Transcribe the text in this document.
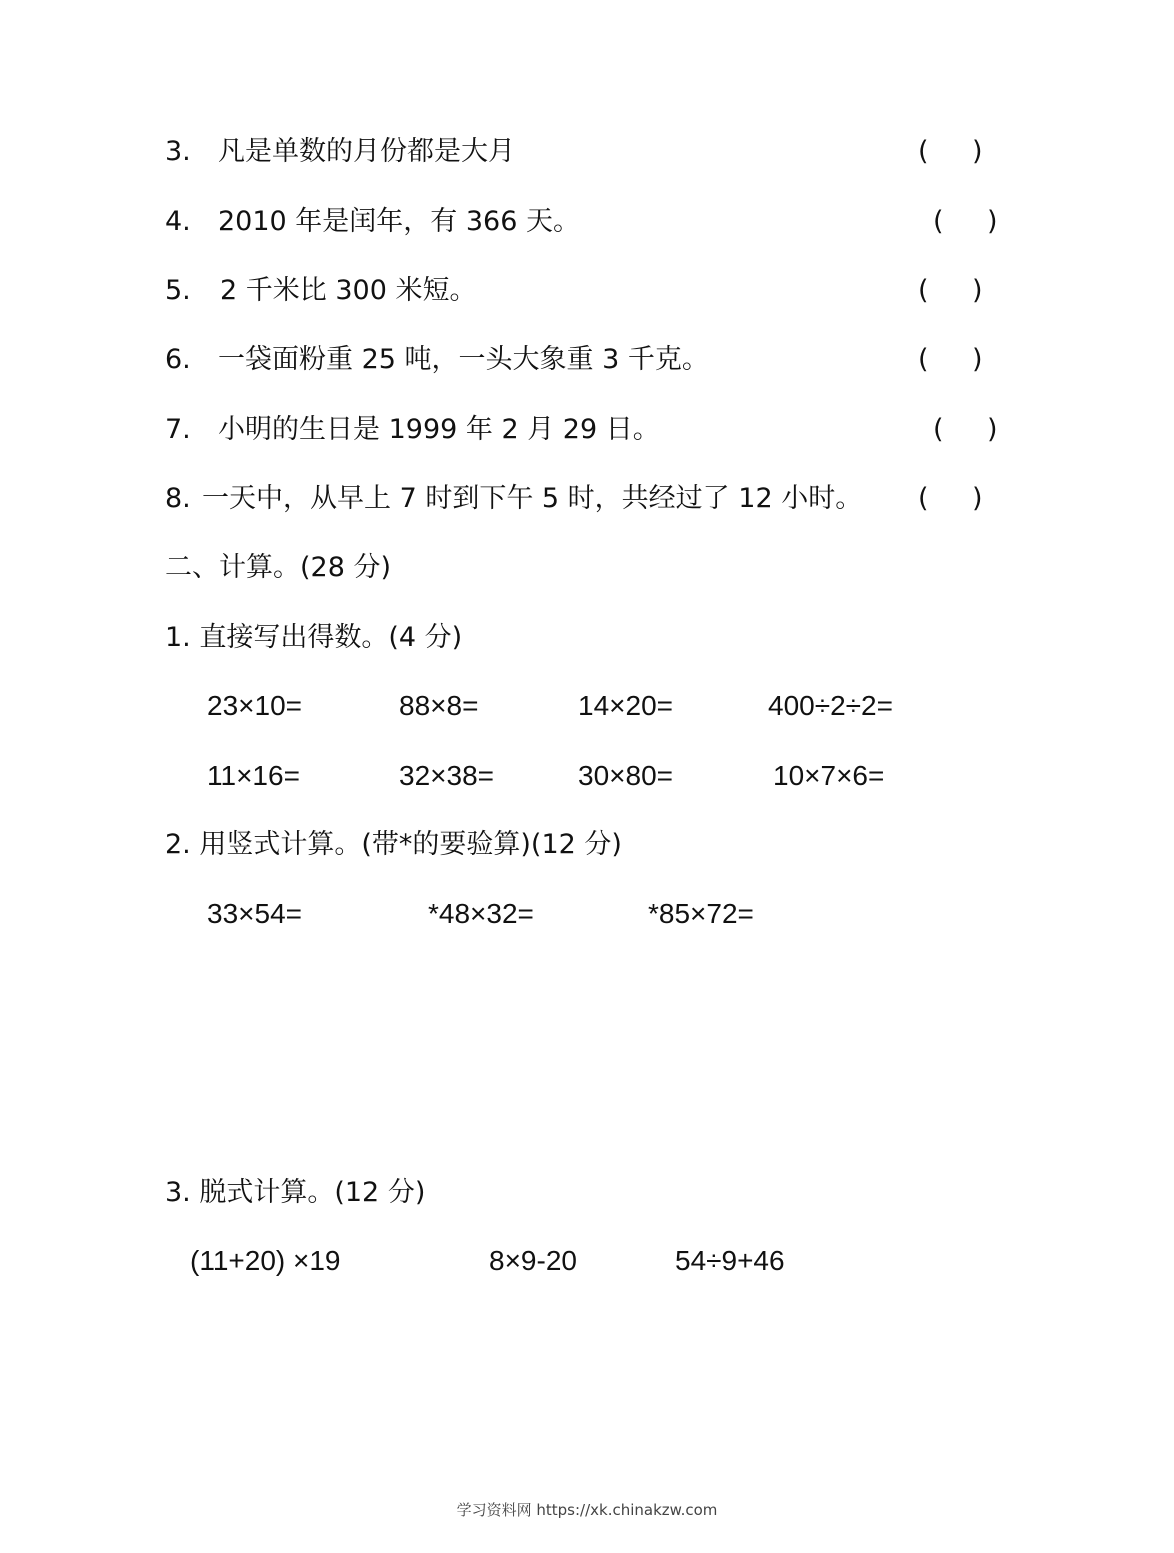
3. 凡是单数的月份都是大月	( )
4. 2010 年是闰年，有 366 天。	( )
5. 2 千米比 300 米短。	( )
6. 一袋面粉重 25 吨，一头大象重 3 千克。	( )
7. 小明的生日是 1999 年 2 月 29 日。	( )
8. 一天中，从早上 7 时到下午 5 时，共经过了 12 小时。 ( )
二、计算。(28 分)
1. 直接写出得数。(4 分)
23×10=	88×8=	14×20=	400÷2÷2=
11×16=	32×38=	30×80=	10×7×6=
2. 用竖式计算。(带*的要验算)(12 分)
33×54=	*48×32=	*85×72=
3. 脱式计算。(12 分)
(11+20) ×19	8×9-20	54÷9+46
学习资料网 https://xk.chinakzw.com
